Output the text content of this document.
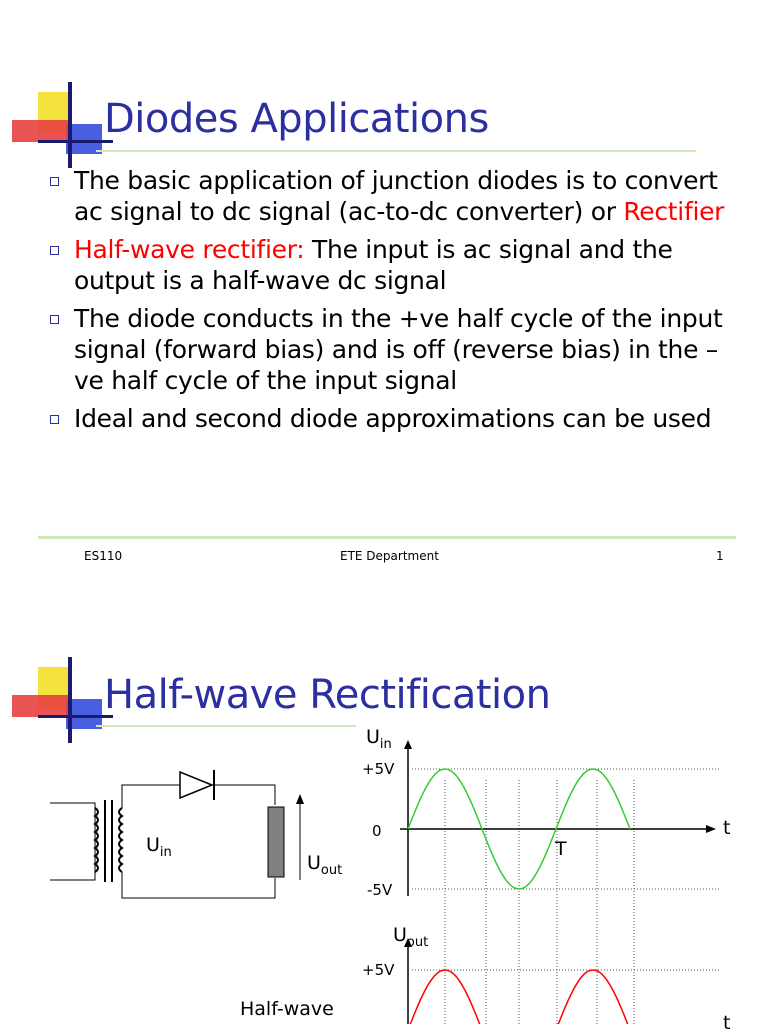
Diodes Applications
The basic application of junction diodes is to convert ac signal to dc signal (ac-to-dc converter) or Rectifier
Half-wave rectifier: The input is ac signal and the output is a half-wave dc signal
The diode conducts in the +ve half cycle of the input signal (forward bias) and is off (reverse bias) in the –ve half cycle of the input signal
Ideal and second diode approximations can be used
ES110	ETE Department	1
Half-wave Rectification
$U_{in}$	$U_{out}$
Half-wave
$U_{in}$
+5V
0
-5V
t
T
$U_{out}$
+5V
t
